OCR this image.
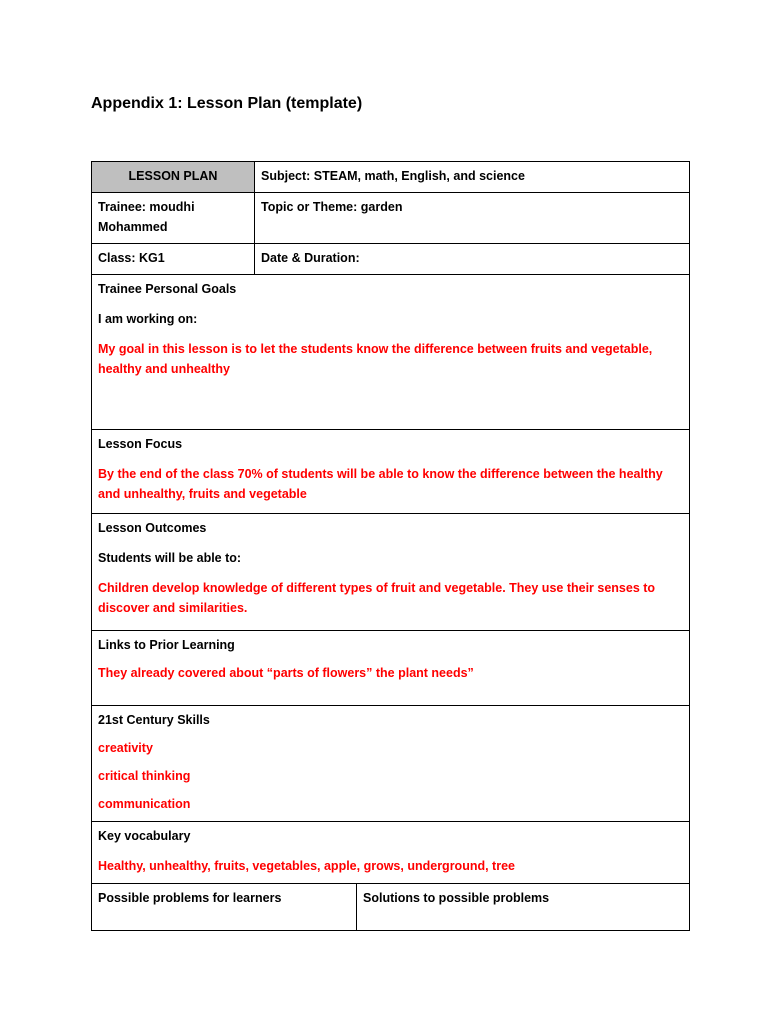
Appendix 1: Lesson Plan (template)
LESSON PLAN	Subject: STEAM, math, English, and science	
Trainee: moudhi Mohammed	Topic or Theme: garden	
Class: KG1	Date & Duration:	

Trainee Personal Goals

I am working on:

My goal in this lesson is to let the students know the difference between fruits and vegetable, healthy and unhealthy		

Lesson Focus

By the end of the class 70% of students will be able to know the difference between the healthy and unhealthy, fruits and vegetable		

Lesson Outcomes

Students will be able to:

Children develop knowledge of different types of fruit and vegetable. They use their senses to discover and similarities.		

Links to Prior Learning

They already covered about “parts of flowers” the plant needs”		

21st Century Skills

creativity

critical thinking

communication		

Key vocabulary

Healthy, unhealthy, fruits, vegetables, apple, grows, underground, tree		

Possible problems for learners		Solutions to possible problems
